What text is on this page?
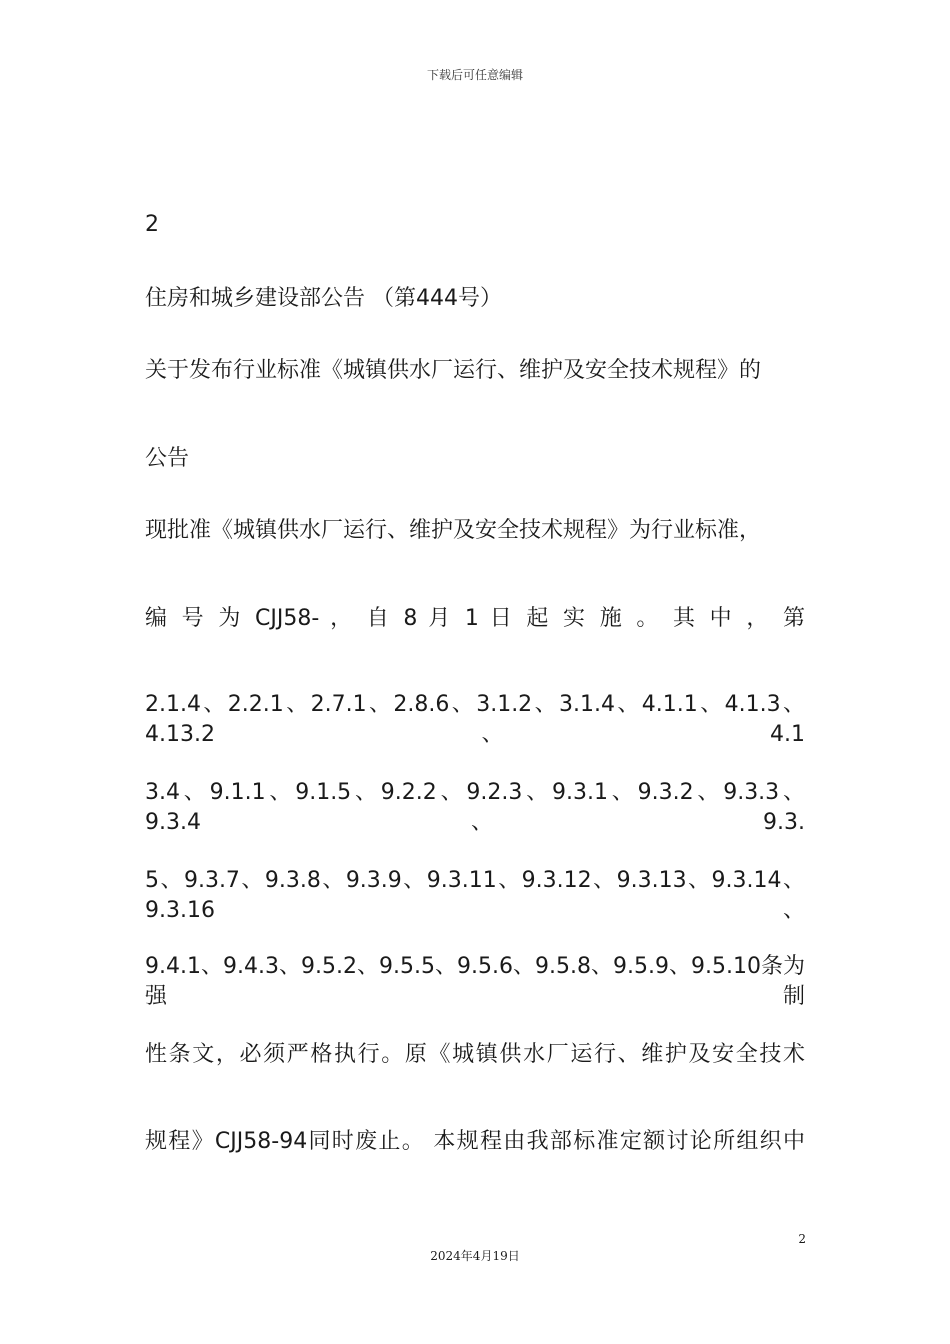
下载后可任意编辑
2
住房和城乡建设部公告 （第444号）
关于发布行业标准《城镇供水厂运行、维护及安全技术规程》的
公告
现批准《城镇供水厂运行、维护及安全技术规程》为行业标准，
编 号 为 CJJ58- ， 自 8 月 1 日 起 实 施 。 其 中 ， 第
2.1.4、2.2.1、2.7.1、2.8.6、3.1.2、3.1.4、4.1.1、4.1.3、4.13.2、4.1
3.4、9.1.1、9.1.5、9.2.2、9.2.3、9.3.1、9.3.2、9.3.3、9.3.4、9.3.
5、9.3.7、9.3.8、9.3.9、9.3.11、9.3.12、9.3.13、9.3.14、9.3.16、
9.4.1、9.4.3、9.5.2、9.5.5、9.5.6、9.5.8、9.5.9、9.5.10条为强制
性条文，必须严格执行。原《城镇供水厂运行、维护及安全技术
规程》CJJ58-94同时废止。 本规程由我部标准定额讨论所组织中
2
2024年4月19日
